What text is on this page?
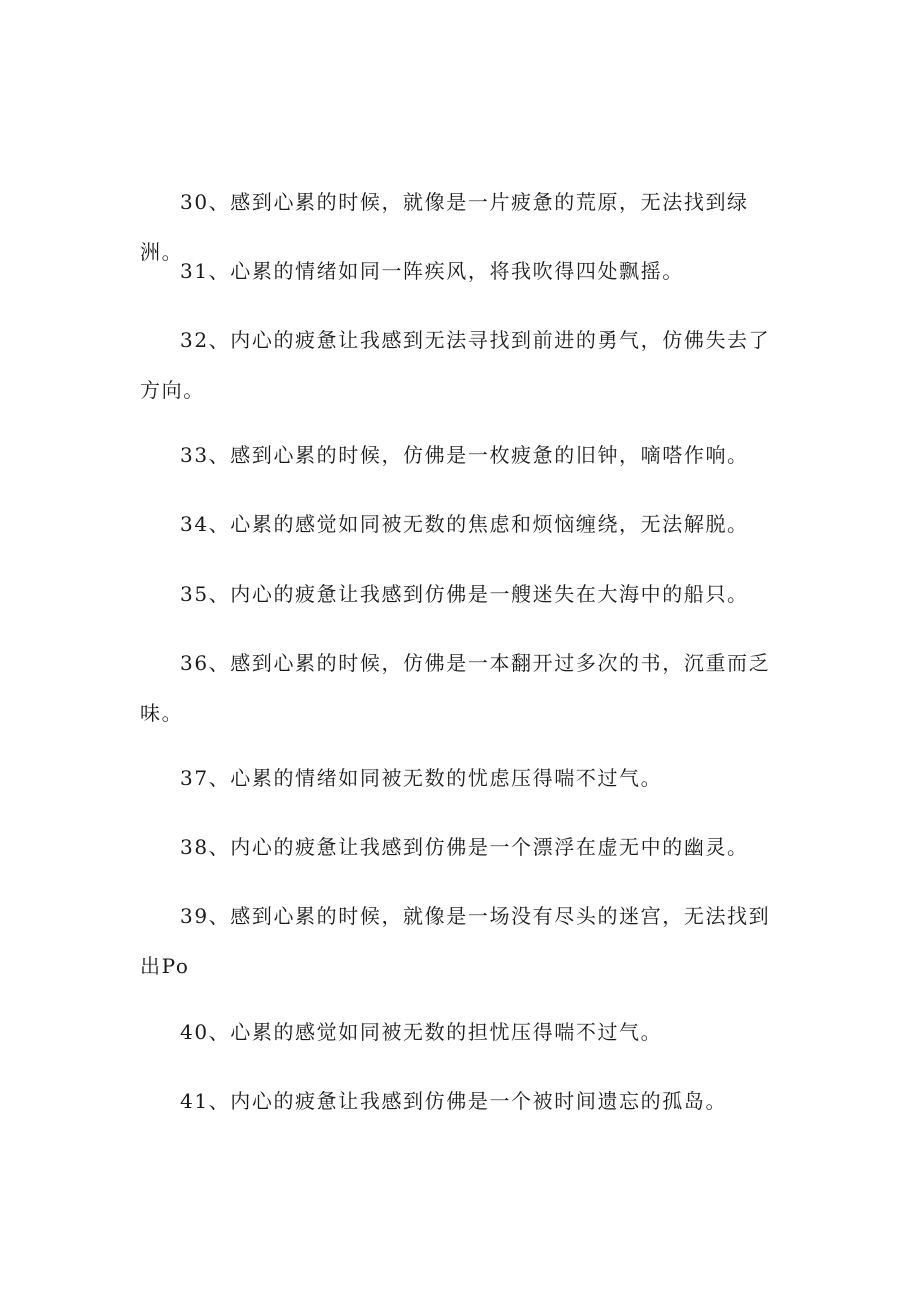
30、感到心累的时候，就像是一片疲惫的荒原，无法找到绿洲。

31、心累的情绪如同一阵疾风，将我吹得四处飘摇。

32、内心的疲惫让我感到无法寻找到前进的勇气，仿佛失去了方向。

33、感到心累的时候，仿佛是一枚疲惫的旧钟，嘀嗒作响。

34、心累的感觉如同被无数的焦虑和烦恼缠绕，无法解脱。

35、内心的疲惫让我感到仿佛是一艘迷失在大海中的船只。

36、感到心累的时候，仿佛是一本翻开过多次的书，沉重而乏味。

37、心累的情绪如同被无数的忧虑压得喘不过气。

38、内心的疲惫让我感到仿佛是一个漂浮在虚无中的幽灵。

39、感到心累的时候，就像是一场没有尽头的迷宫，无法找到出Po

40、心累的感觉如同被无数的担忧压得喘不过气。

41、内心的疲惫让我感到仿佛是一个被时间遗忘的孤岛。
